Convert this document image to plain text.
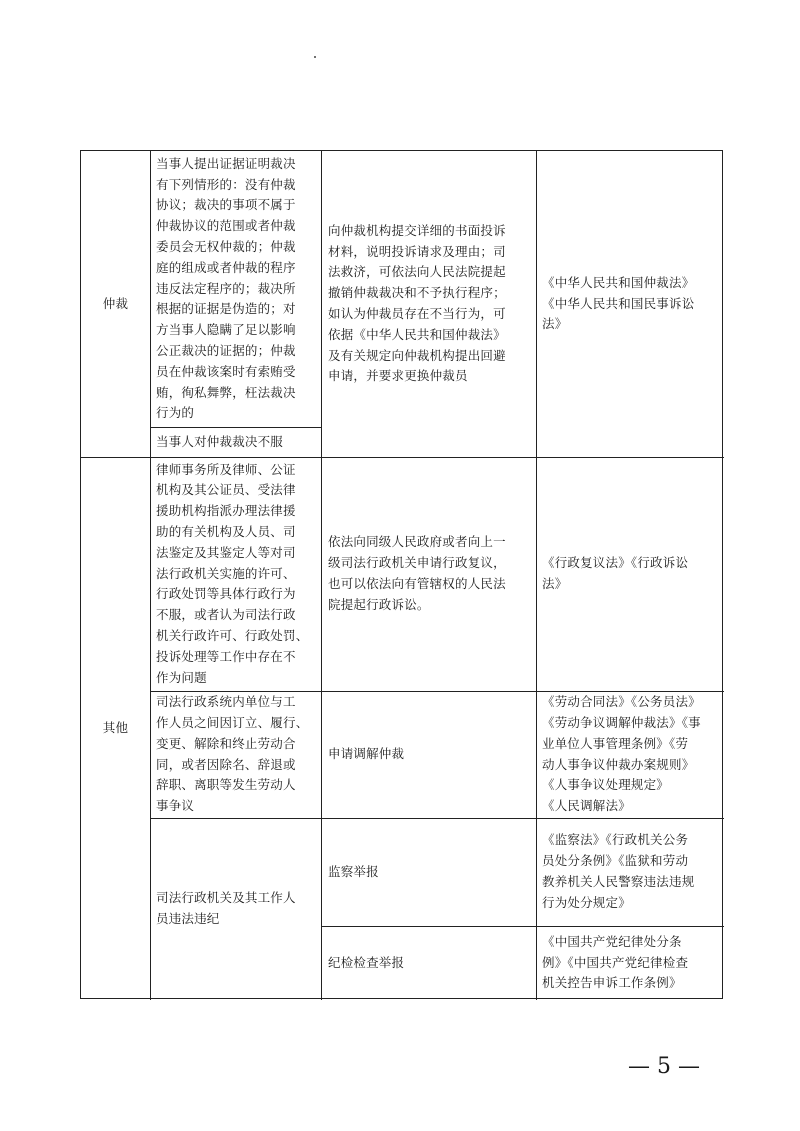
仲裁
其他
当事人提出证据证明裁决
有下列情形的：没有仲裁
协议；裁决的事项不属于
仲裁协议的范围或者仲裁
委员会无权仲裁的；仲裁
庭的组成或者仲裁的程序
违反法定程序的；裁决所
根据的证据是伪造的；对
方当事人隐瞒了足以影响
公正裁决的证据的；仲裁
员在仲裁该案时有索贿受
贿，徇私舞弊，枉法裁决
行为的
当事人对仲裁裁决不服
向仲裁机构提交详细的书面投诉
材料，说明投诉请求及理由；司
法救济，可依法向人民法院提起
撤销仲裁裁决和不予执行程序；
如认为仲裁员存在不当行为，可
依据《中华人民共和国仲裁法》
及有关规定向仲裁机构提出回避
申请，并要求更换仲裁员
《中华人民共和国仲裁法》
《中华人民共和国民事诉讼
法》
律师事务所及律师、公证
机构及其公证员、受法律
援助机构指派办理法律援
助的有关机构及人员、司
法鉴定及其鉴定人等对司
法行政机关实施的许可、
行政处罚等具体行政行为
不服，或者认为司法行政
机关行政许可、行政处罚、
投诉处理等工作中存在不
作为问题
依法向同级人民政府或者向上一
级司法行政机关申请行政复议，
也可以依法向有管辖权的人民法
院提起行政诉讼。
《行政复议法》《行政诉讼
法》
司法行政系统内单位与工
作人员之间因订立、履行、
变更、解除和终止劳动合
同，或者因除名、辞退或
辞职、离职等发生劳动人
事争议
申请调解仲裁
《劳动合同法》《公务员法》
《劳动争议调解仲裁法》《事
业单位人事管理条例》《劳
动人事争议仲裁办案规则》
《人事争议处理规定》
《人民调解法》
司法行政机关及其工作人
员违法违纪
监察举报
《监察法》《行政机关公务
员处分条例》《监狱和劳动
教养机关人民警察违法违规
行为处分规定》
纪检检查举报
《中国共产党纪律处分条
例》《中国共产党纪律检查
机关控告申诉工作条例》
— 5 —
